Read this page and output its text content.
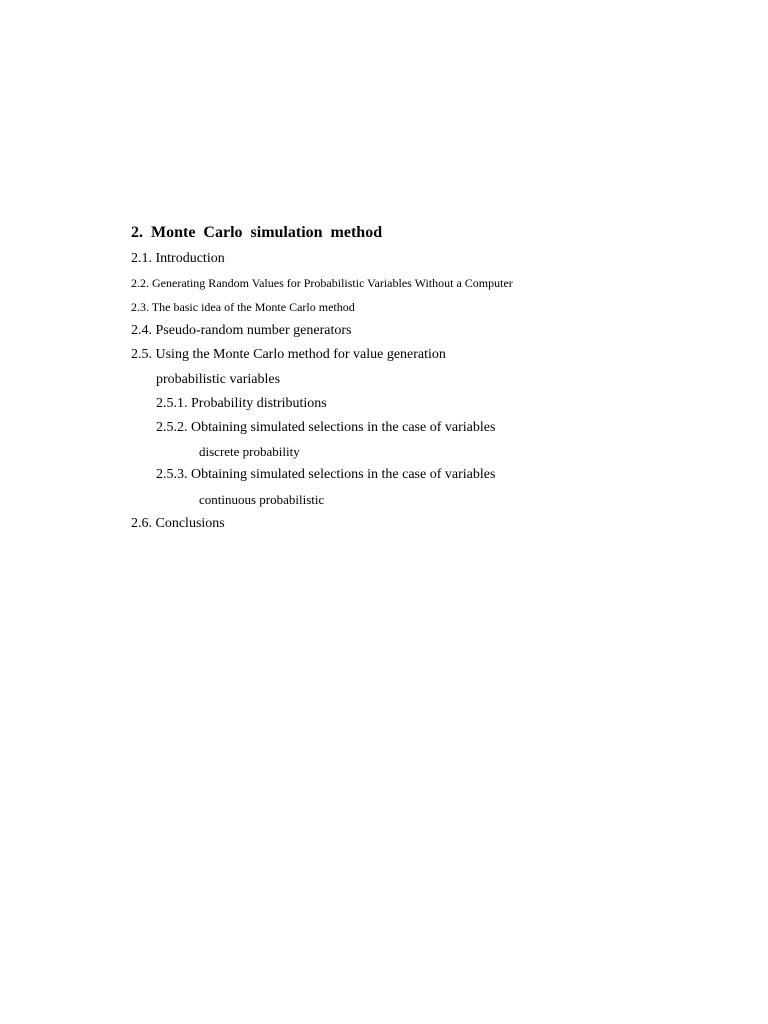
2. Monte Carlo simulation method
2.1. Introduction
2.2. Generating Random Values for Probabilistic Variables Without a Computer
2.3. The basic idea of the Monte Carlo method
2.4. Pseudo-random number generators
2.5. Using the Monte Carlo method for value generation
probabilistic variables
2.5.1. Probability distributions
2.5.2. Obtaining simulated selections in the case of variables
discrete probability
2.5.3. Obtaining simulated selections in the case of variables
continuous probabilistic
2.6. Conclusions
